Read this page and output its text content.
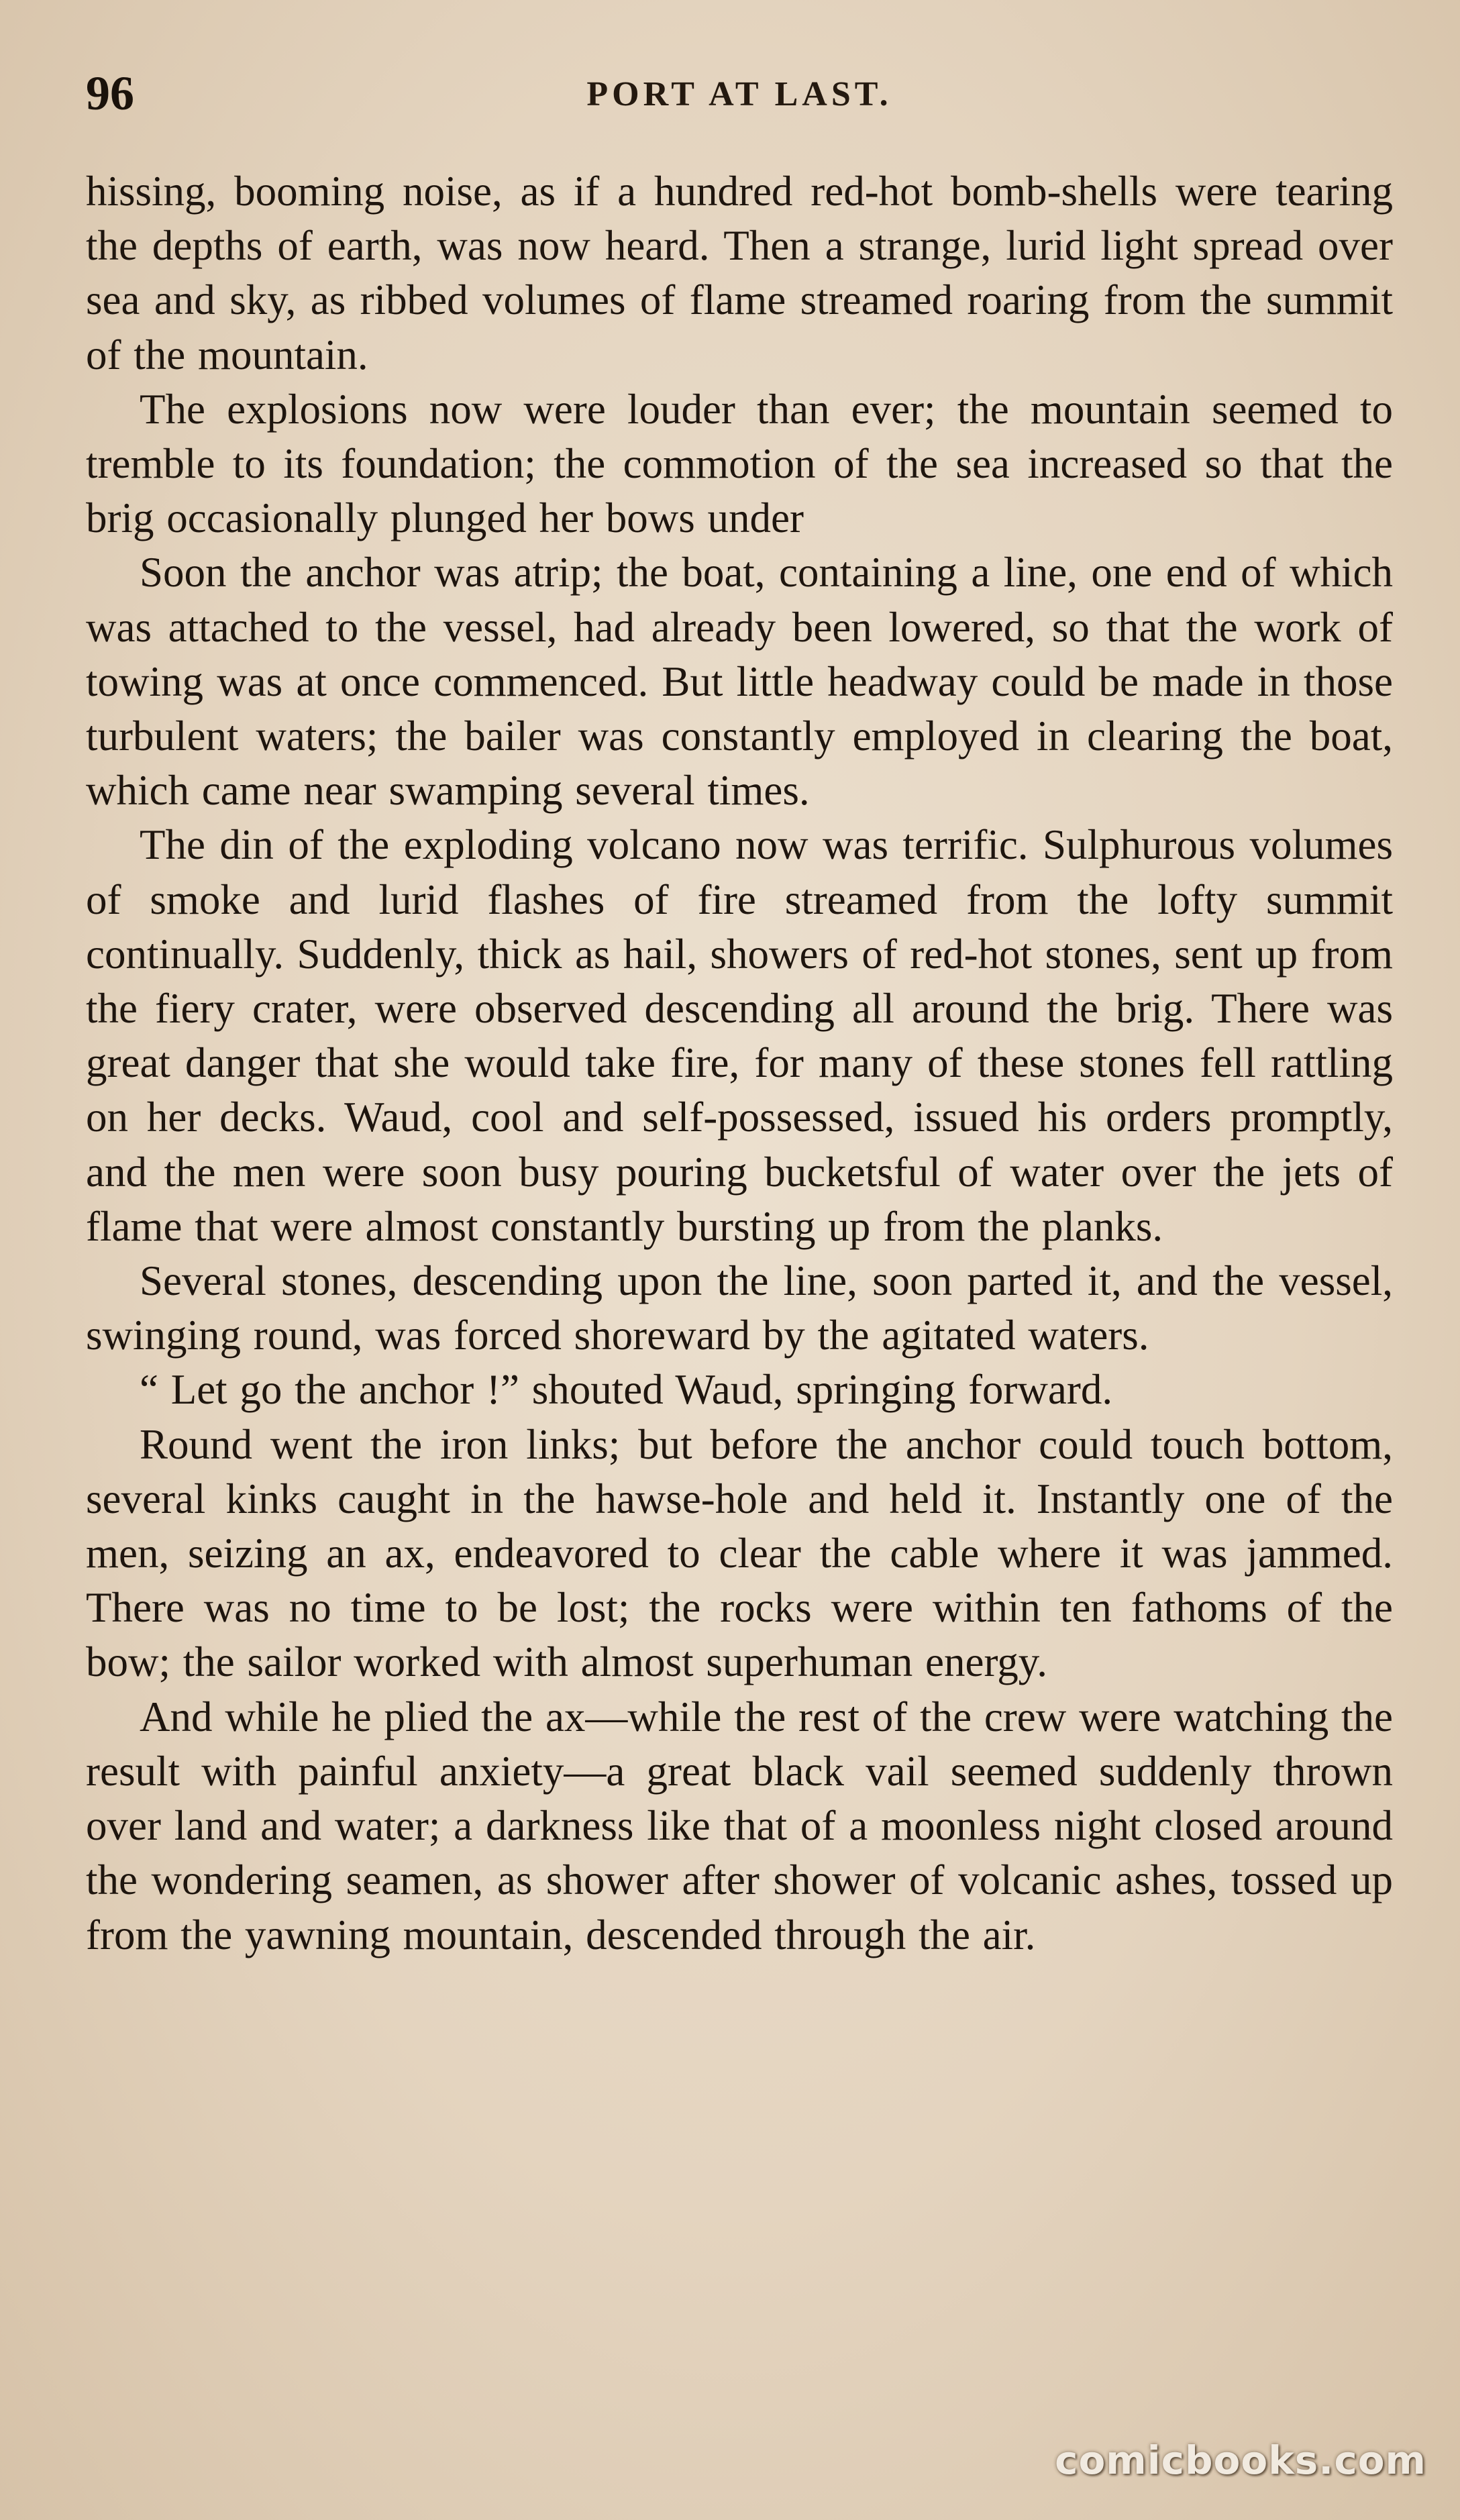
96	PORT AT LAST.

hissing, booming noise, as if a hundred red-hot bomb-shells were tearing the depths of earth, was now heard. Then a strange, lurid light spread over sea and sky, as ribbed volumes of flame streamed roaring from the summit of the mountain.

The explosions now were louder than ever; the mountain seemed to tremble to its foundation; the commotion of the sea increased so that the brig occasionally plunged her bows under

Soon the anchor was atrip; the boat, containing a line, one end of which was attached to the vessel, had already been lowered, so that the work of towing was at once commenced. But little headway could be made in those turbulent waters; the bailer was constantly employed in clearing the boat, which came near swamping several times.

The din of the exploding volcano now was terrific. Sulphurous volumes of smoke and lurid flashes of fire streamed from the lofty summit continually. Suddenly, thick as hail, showers of red-hot stones, sent up from the fiery crater, were observed descending all around the brig. There was great danger that she would take fire, for many of these stones fell rattling on her decks. Waud, cool and self-possessed, issued his orders promptly, and the men were soon busy pouring bucketsful of water over the jets of flame that were almost constantly bursting up from the planks.

Several stones, descending upon the line, soon parted it, and the vessel, swinging round, was forced shoreward by the agitated waters.

“ Let go the anchor !” shouted Waud, springing forward.

Round went the iron links; but before the anchor could touch bottom, several kinks caught in the hawse-hole and held it. Instantly one of the men, seizing an ax, endeavored to clear the cable where it was jammed. There was no time to be lost; the rocks were within ten fathoms of the bow; the sailor worked with almost superhuman energy.

And while he plied the ax—while the rest of the crew were watching the result with painful anxiety—a great black vail seemed suddenly thrown over land and water; a darkness like that of a moonless night closed around the wondering seamen, as shower after shower of volcanic ashes, tossed up from the yawning mountain, descended through the air.

comicbooks.com
